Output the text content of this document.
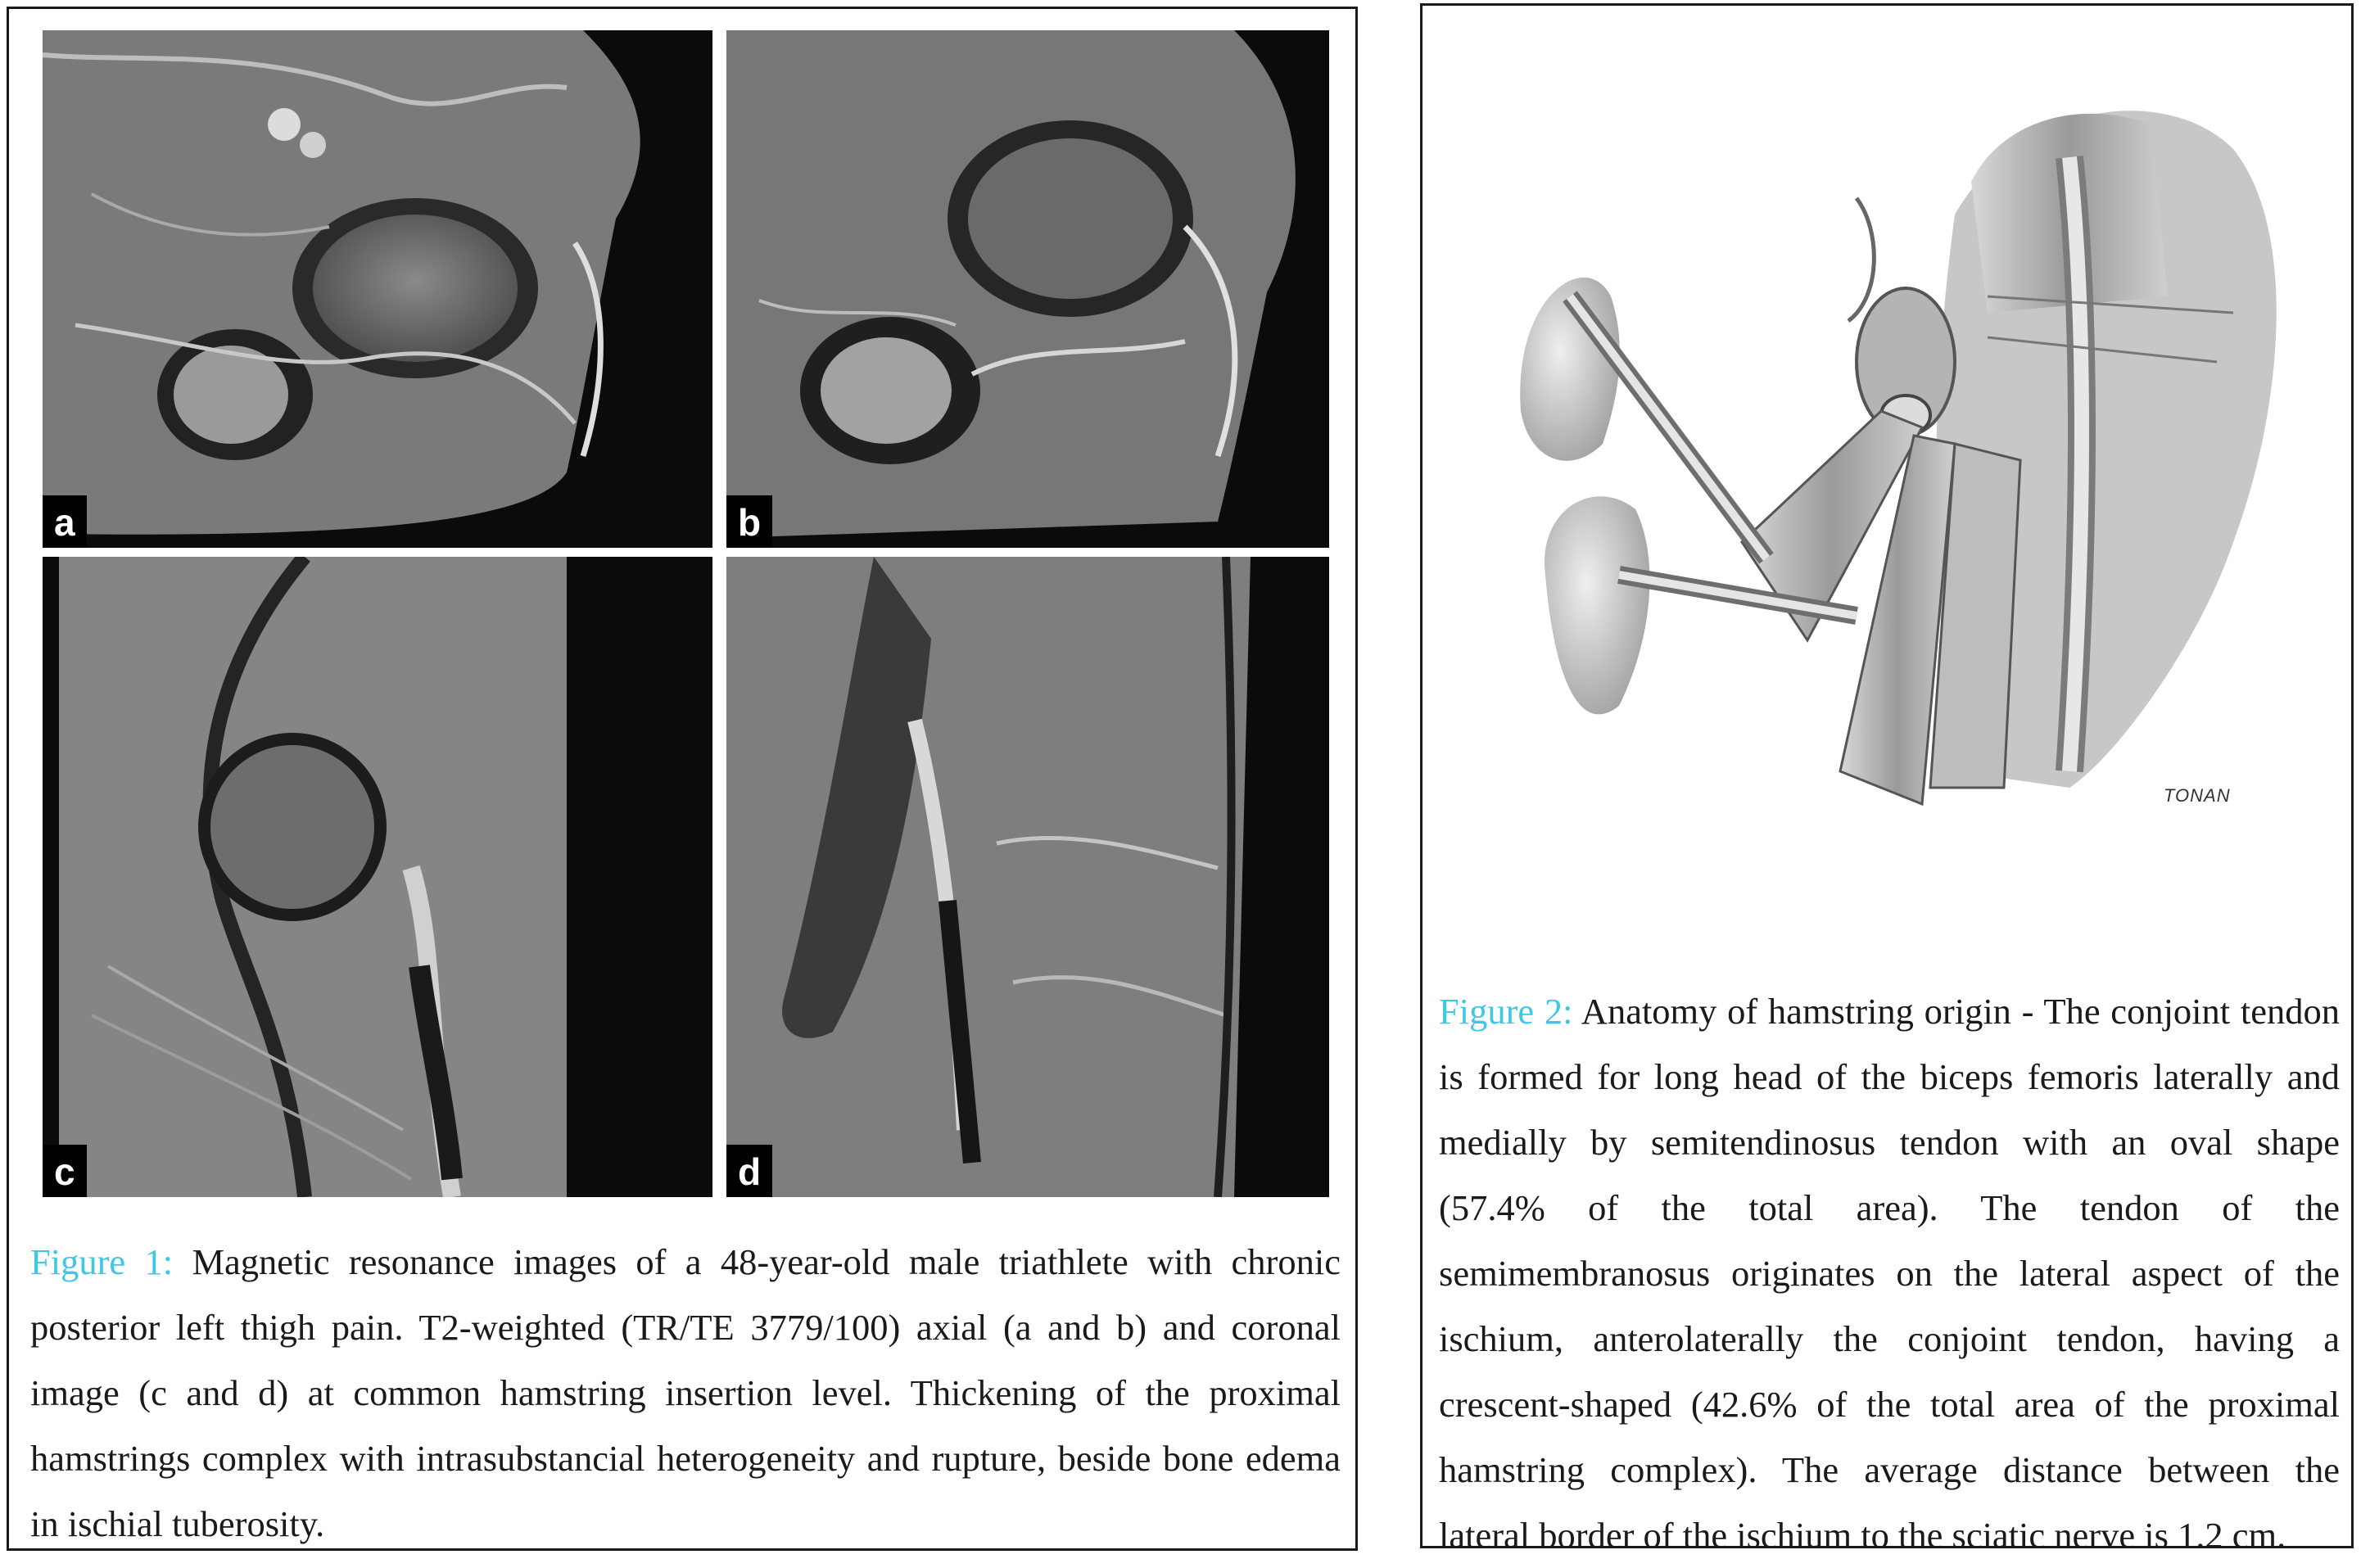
a	b
c	d
Figure 1: Magnetic resonance images of a 48-year-old male triathlete with chronic posterior left thigh pain. T2-weighted (TR/TE 3779/100) axial (a and b) and coronal image (c and d) at common hamstring insertion level. Thickening of the proximal hamstrings complex with intrasubstancial heterogeneity and rupture, beside bone edema in ischial tuberosity.
TONAN
Figure 2: Anatomy of hamstring origin - The conjoint tendon is formed for long head of the biceps femoris laterally and medially by semitendinosus tendon with an oval shape (57.4% of the total area). The tendon of the semimembranosus originates on the lateral aspect of the ischium, anterolaterally the conjoint tendon, having a crescent-shaped (42.6% of the total area of the proximal hamstring complex). The average distance between the lateral border of the ischium to the sciatic nerve is 1.2 cm.
